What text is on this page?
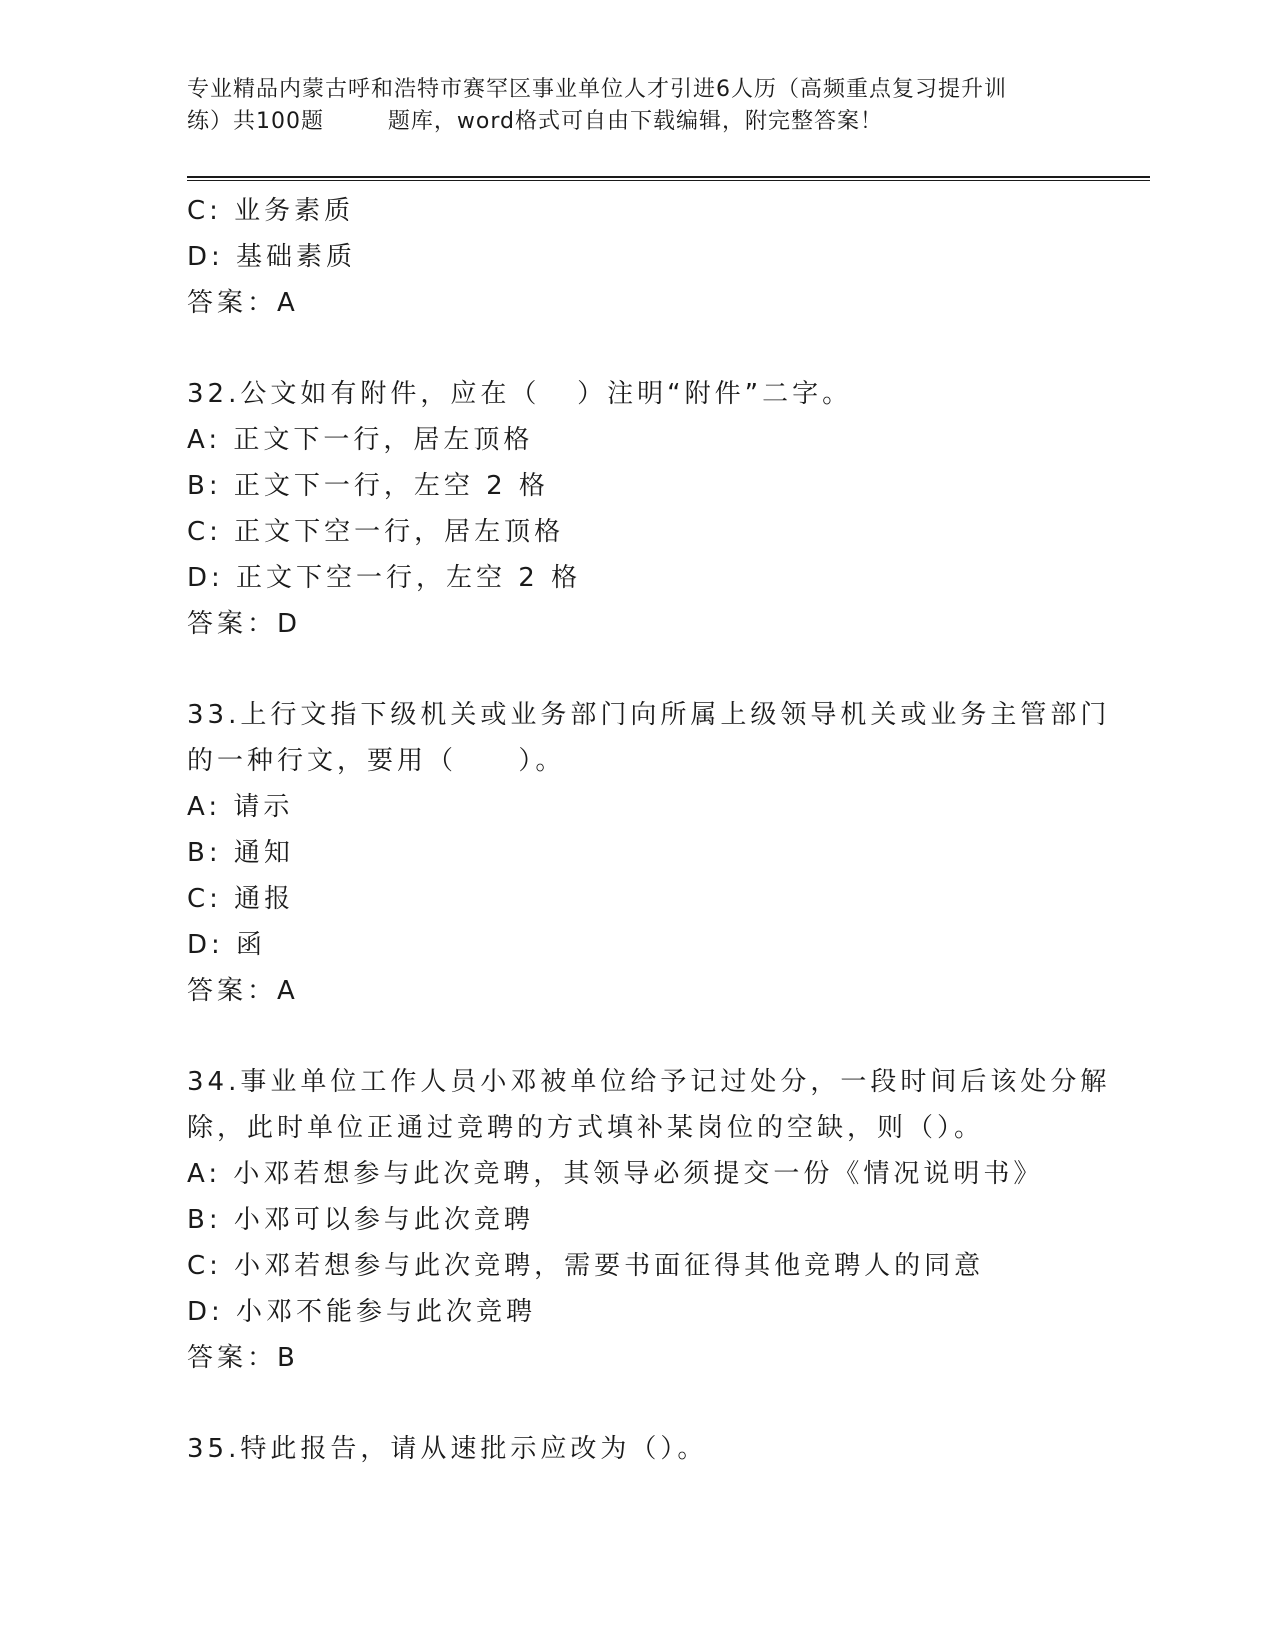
专业精品内蒙古呼和浩特市赛罕区事业单位人才引进6人历（高频重点复习提升训
练）共100题        题库，word格式可自由下载编辑，附完整答案！
C: 业务素质
D: 基础素质
答案：A
32.公文如有附件，应在（   ）注明“附件”二字。
A: 正文下一行，居左顶格
B: 正文下一行，左空 2 格
C: 正文下空一行，居左顶格
D: 正文下空一行，左空 2 格
答案：D
33.上行文指下级机关或业务部门向所属上级领导机关或业务主管部门
的一种行文，要用（     ）。
A: 请示
B: 通知
C: 通报
D: 函
答案：A
34.事业单位工作人员小邓被单位给予记过处分，一段时间后该处分解
除，此时单位正通过竞聘的方式填补某岗位的空缺，则（）。
A: 小邓若想参与此次竞聘，其领导必须提交一份《情况说明书》
B: 小邓可以参与此次竞聘
C: 小邓若想参与此次竞聘，需要书面征得其他竞聘人的同意
D: 小邓不能参与此次竞聘
答案：B
35.特此报告，请从速批示应改为（）。
